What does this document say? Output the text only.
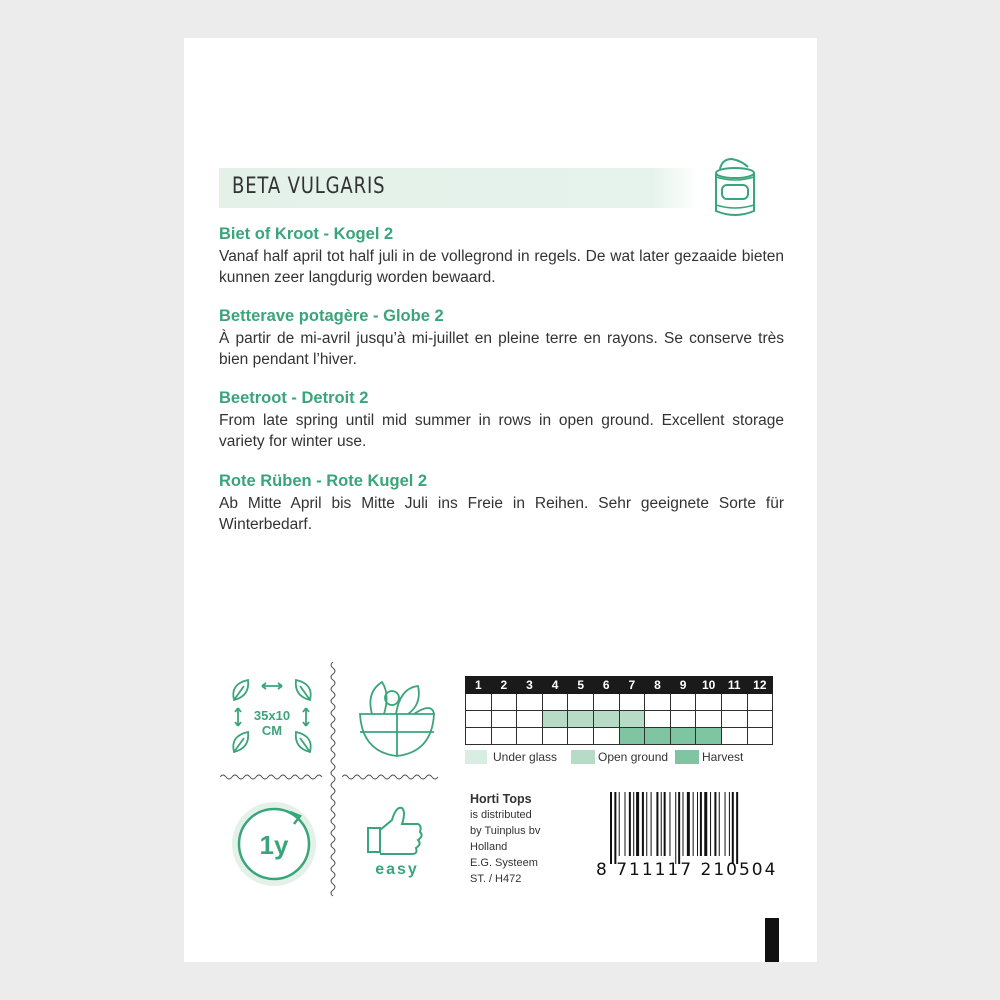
BETA VULGARIS
Biet of Kroot - Kogel 2
Vanaf half april tot half juli in de vollegrond in regels. De wat later gezaaide bieten kunnen zeer langdurig worden bewaard.
Betterave potagère - Globe 2
À partir de mi-avril jusqu’à mi-juillet en pleine terre en rayons. Se conserve très bien pendant l’hiver.
Beetroot - Detroit 2
From late spring until mid summer in rows in open ground. Excellent storage variety for winter use.
Rote Rüben - Rote Kugel 2
Ab Mitte April bis Mitte Juli ins Freie in Reihen. Sehr geeignete Sorte für Winterbedarf.
35x10
CM
1y
easy
1	2	3	4	5	6	7	8	9	10	11	12

Under glass	Open ground	Harvest
Horti Tops
is distributed
by Tuinplus bv
Holland
E.G. Systeem
ST. / H472	8 711117 210504
